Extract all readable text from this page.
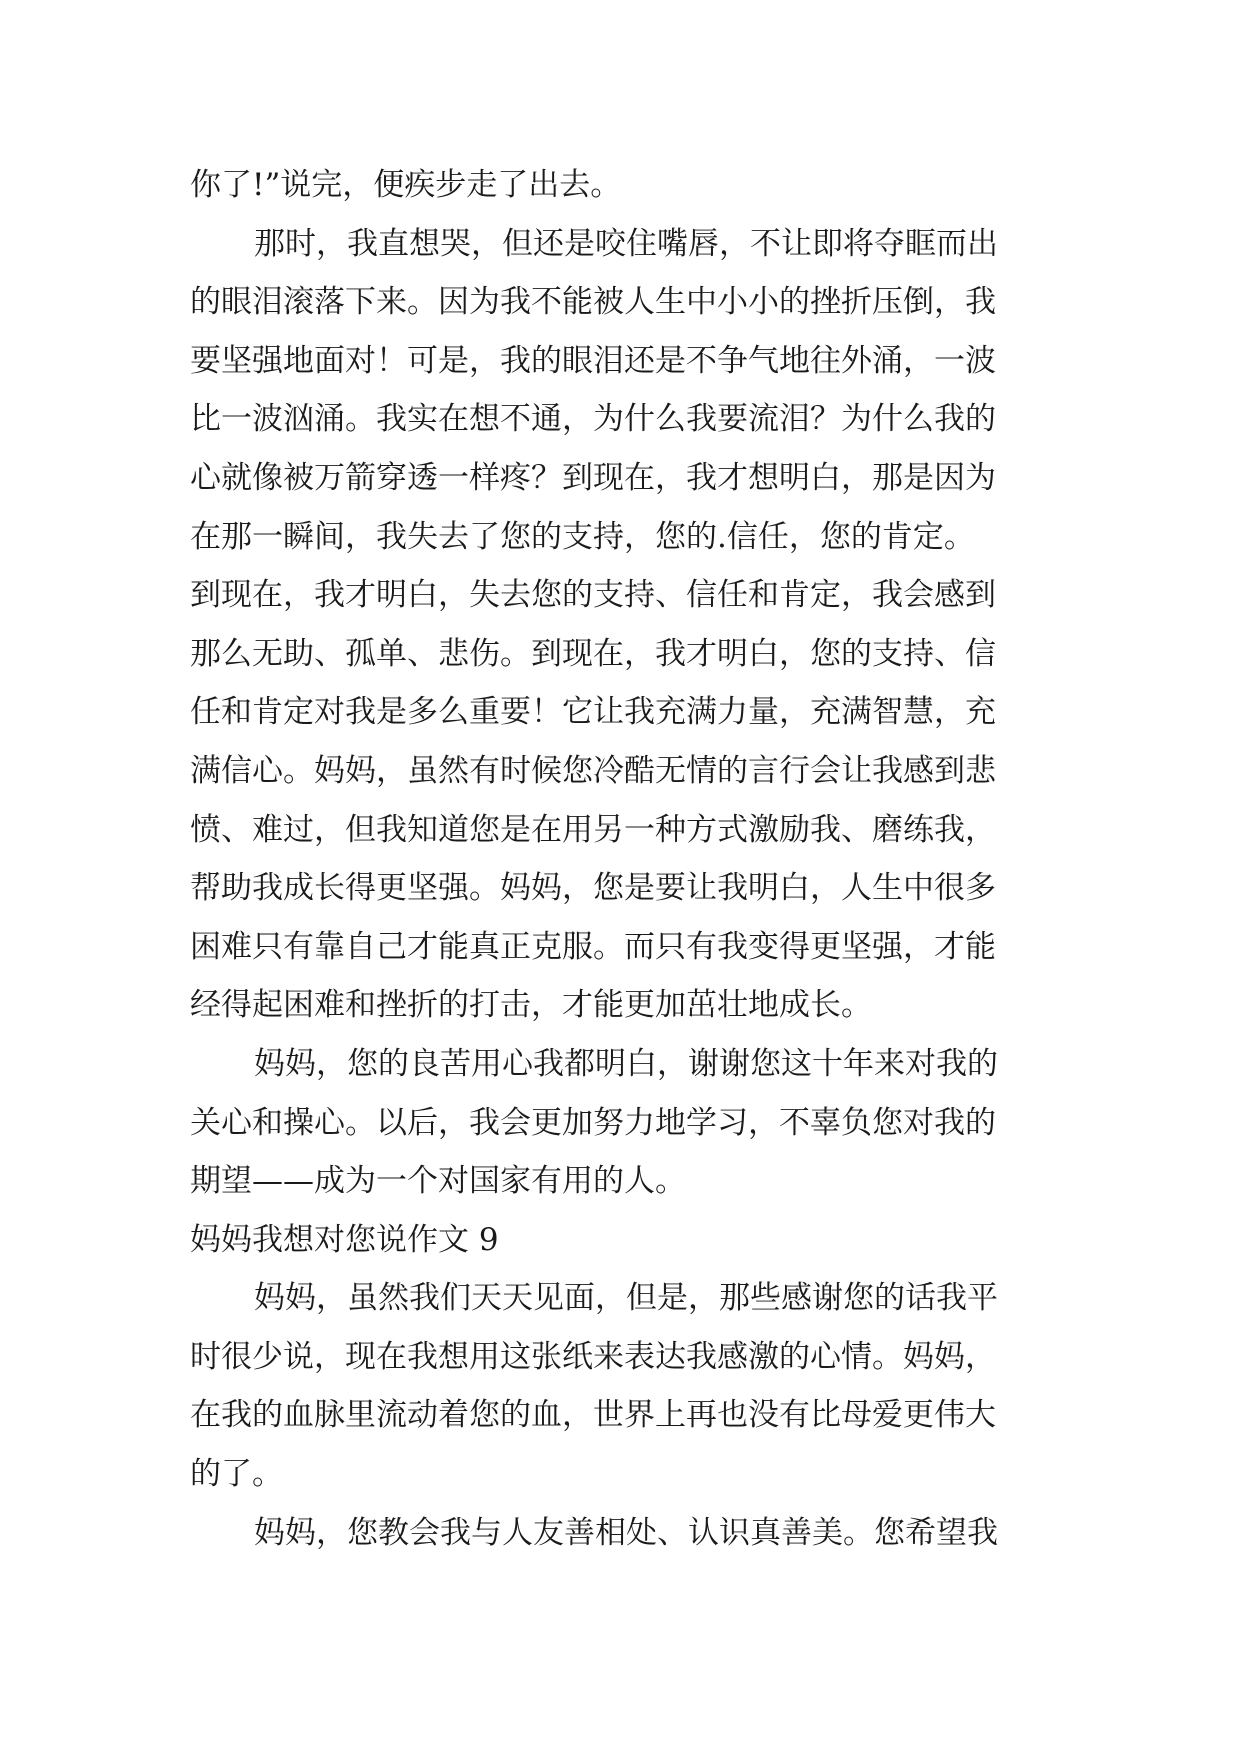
你了!”说完，便疾步走了出去。
那时，我直想哭，但还是咬住嘴唇，不让即将夺眶而出
的眼泪滚落下来。因为我不能被人生中小小的挫折压倒，我
要坚强地面对！可是，我的眼泪还是不争气地往外涌，一波
比一波汹涌。我实在想不通，为什么我要流泪？为什么我的
心就像被万箭穿透一样疼？到现在，我才想明白，那是因为
在那一瞬间，我失去了您的支持，您的.信任，您的肯定。
到现在，我才明白，失去您的支持、信任和肯定，我会感到
那么无助、孤单、悲伤。到现在，我才明白，您的支持、信
任和肯定对我是多么重要！它让我充满力量，充满智慧，充
满信心。妈妈，虽然有时候您冷酷无情的言行会让我感到悲
愤、难过，但我知道您是在用另一种方式激励我、磨练我，
帮助我成长得更坚强。妈妈，您是要让我明白，人生中很多
困难只有靠自己才能真正克服。而只有我变得更坚强，才能
经得起困难和挫折的打击，才能更加茁壮地成长。
妈妈，您的良苦用心我都明白，谢谢您这十年来对我的
关心和操心。以后，我会更加努力地学习，不辜负您对我的
期望——成为一个对国家有用的人。
妈妈我想对您说作文 9
妈妈，虽然我们天天见面，但是，那些感谢您的话我平
时很少说，现在我想用这张纸来表达我感激的心情。妈妈，
在我的血脉里流动着您的血，世界上再也没有比母爱更伟大
的了。
妈妈，您教会我与人友善相处、认识真善美。您希望我
